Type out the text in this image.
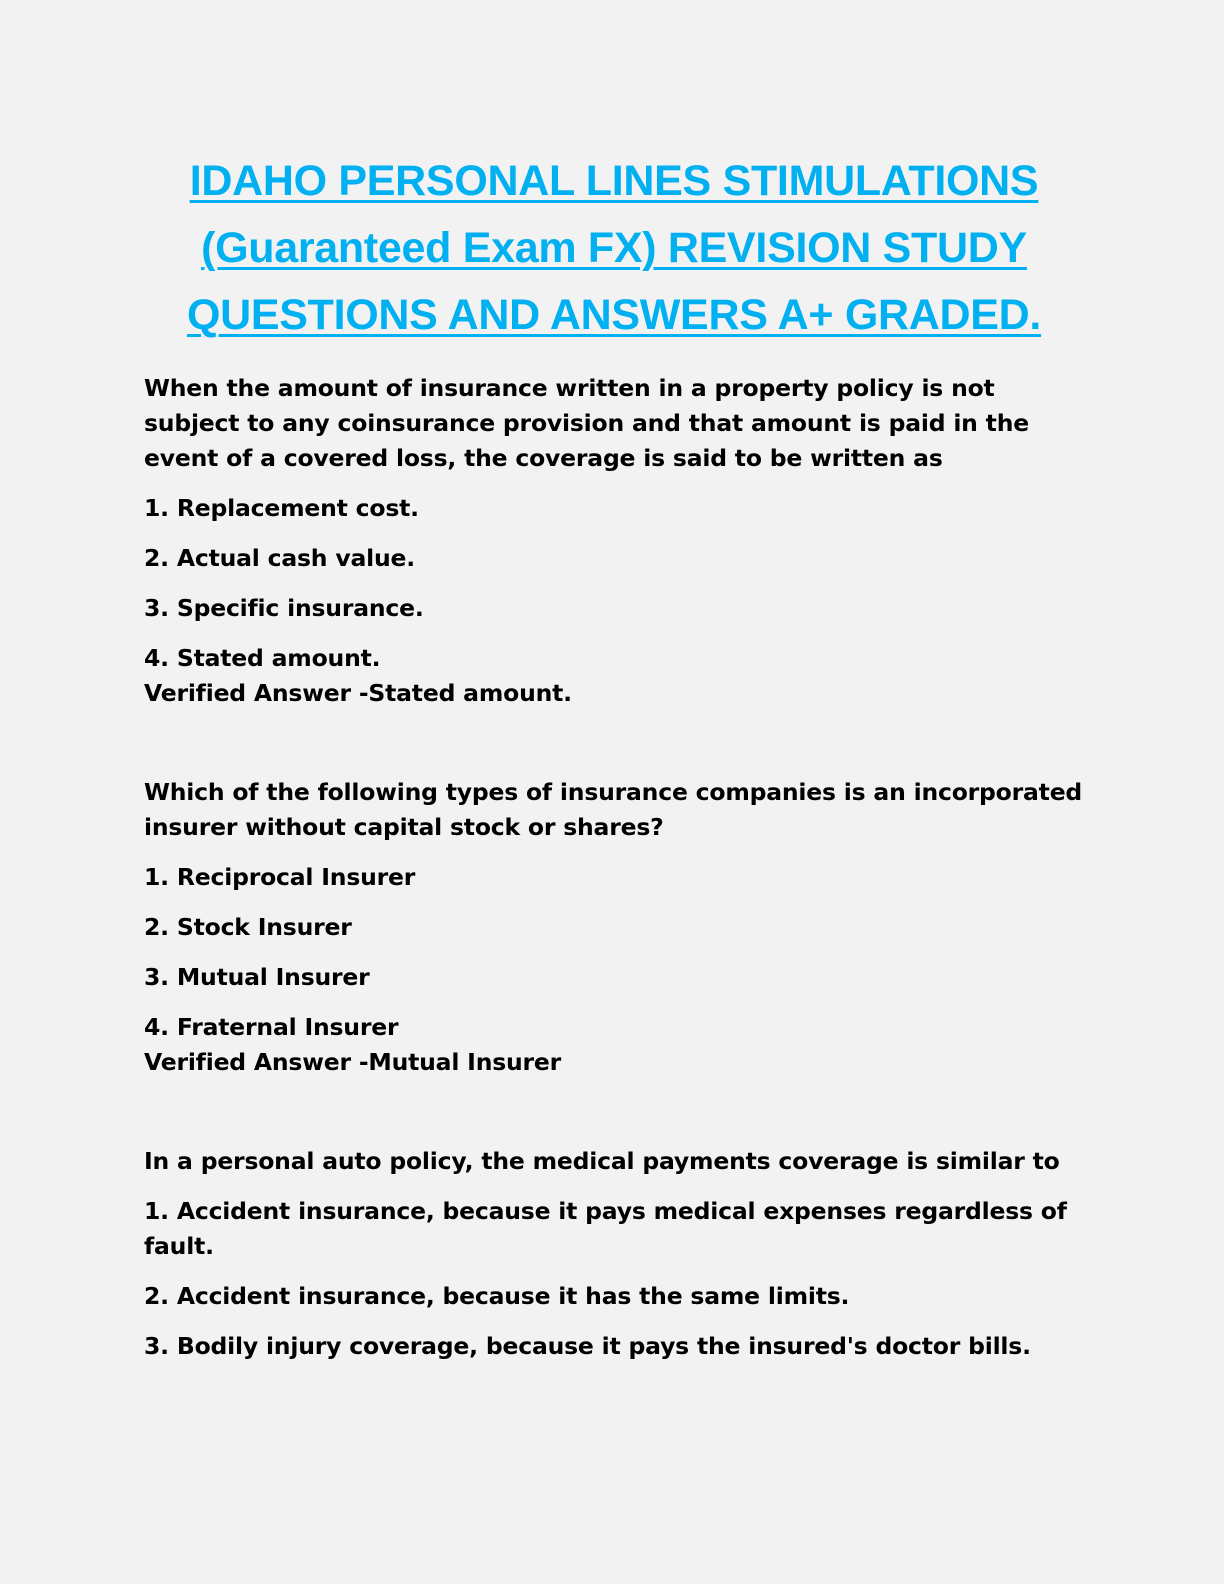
IDAHO PERSONAL LINES STIMULATIONS
(Guaranteed Exam FX) REVISION STUDY
QUESTIONS AND ANSWERS A+ GRADED.

When the amount of insurance written in a property policy is not subject to any coinsurance provision and that amount is paid in the event of a covered loss, the coverage is said to be written as

1. Replacement cost.

2. Actual cash value.

3. Specific insurance.

4. Stated amount.

Verified Answer -Stated amount.

Which of the following types of insurance companies is an incorporated insurer without capital stock or shares?

1. Reciprocal Insurer

2. Stock Insurer

3. Mutual Insurer

4. Fraternal Insurer

Verified Answer -Mutual Insurer

In a personal auto policy, the medical payments coverage is similar to

1. Accident insurance, because it pays medical expenses regardless of fault.

2. Accident insurance, because it has the same limits.

3. Bodily injury coverage, because it pays the insured's doctor bills.
